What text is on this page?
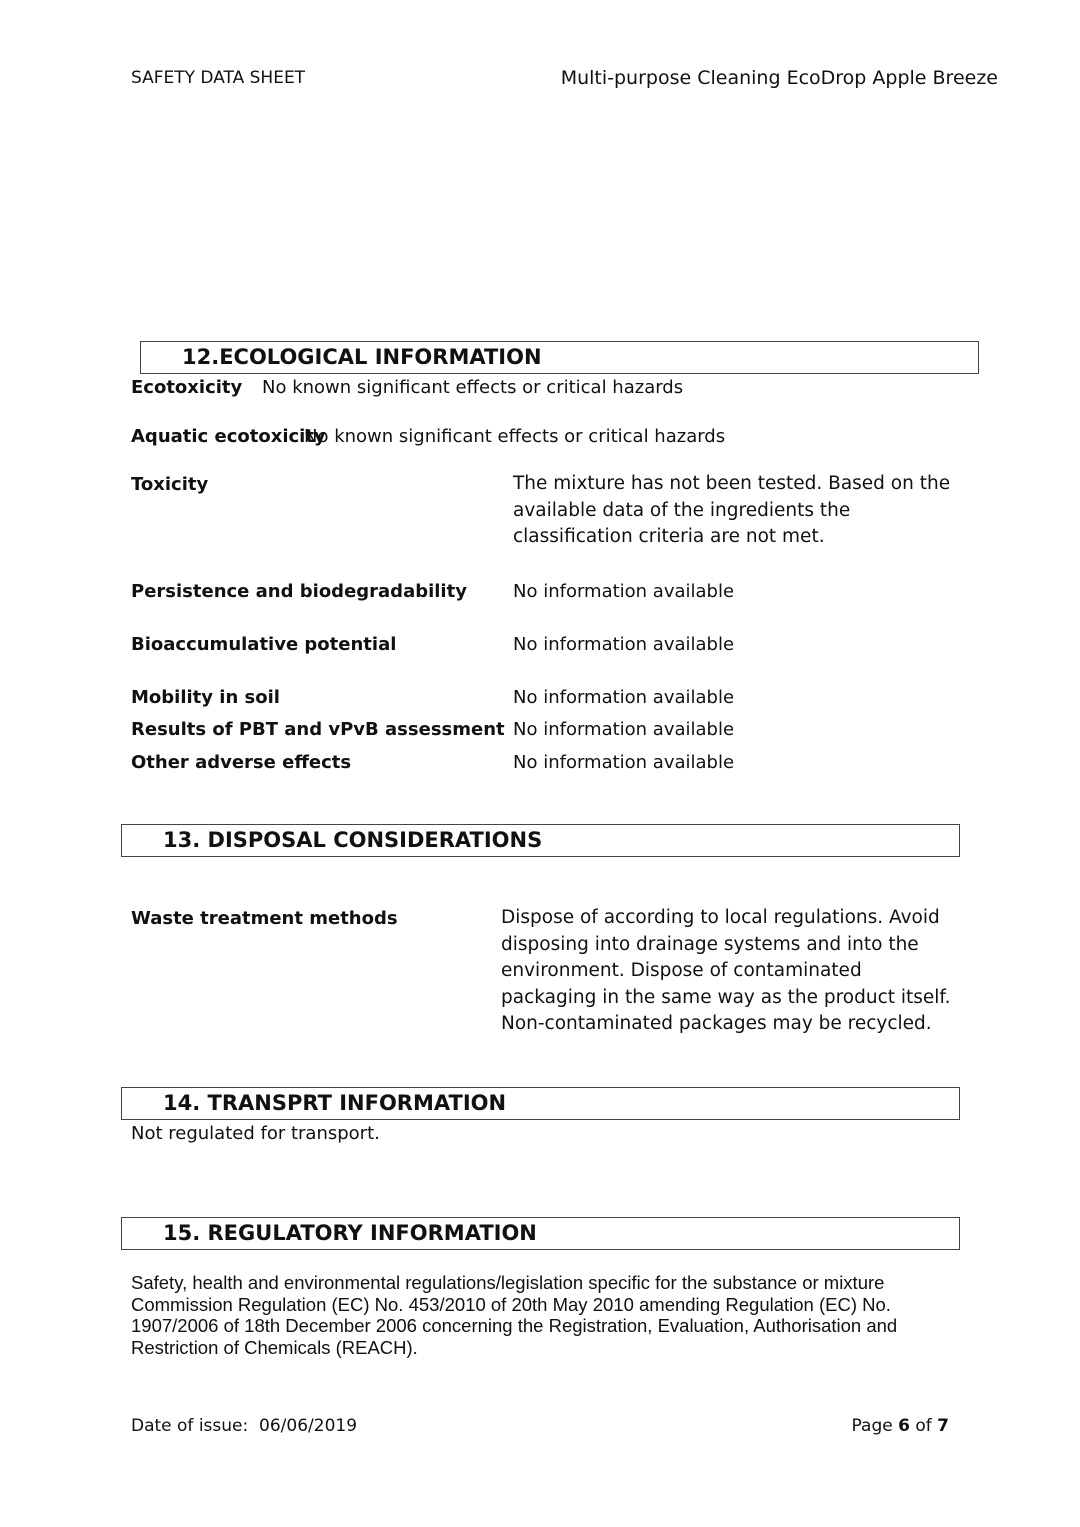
SAFETY DATA SHEET	Multi-purpose Cleaning EcoDrop Apple Breeze
12.ECOLOGICAL INFORMATION
Ecotoxicity No known significant effects or critical hazards
Aquatic ecotoxicity
No known significant effects or critical hazards
Toxicity	The mixture has not been tested. Based on the available data of the ingredients the classification criteria are not met.
Persistence and biodegradability	No information available
Bioaccumulative potential	No information available
Mobility in soil	No information available
Results of PBT and vPvB assessment No information available
Other adverse effects	No information available
13. DISPOSAL CONSIDERATIONS
Waste treatment methods	Dispose of according to local regulations. Avoid disposing into drainage systems and into the environment. Dispose of contaminated packaging in the same way as the product itself. Non-contaminated packages may be recycled.
14. TRANSPRT INFORMATION
Not regulated for transport.
15. REGULATORY INFORMATION
Safety, health and environmental regulations/legislation specific for the substance or mixture Commission Regulation (EC) No. 453/2010 of 20th May 2010 amending Regulation (EC) No. 1907/2006 of 18th December 2006 concerning the Registration, Evaluation, Authorisation and Restriction of Chemicals (REACH).
Date of issue: 06/06/2019	Page 6 of 7
